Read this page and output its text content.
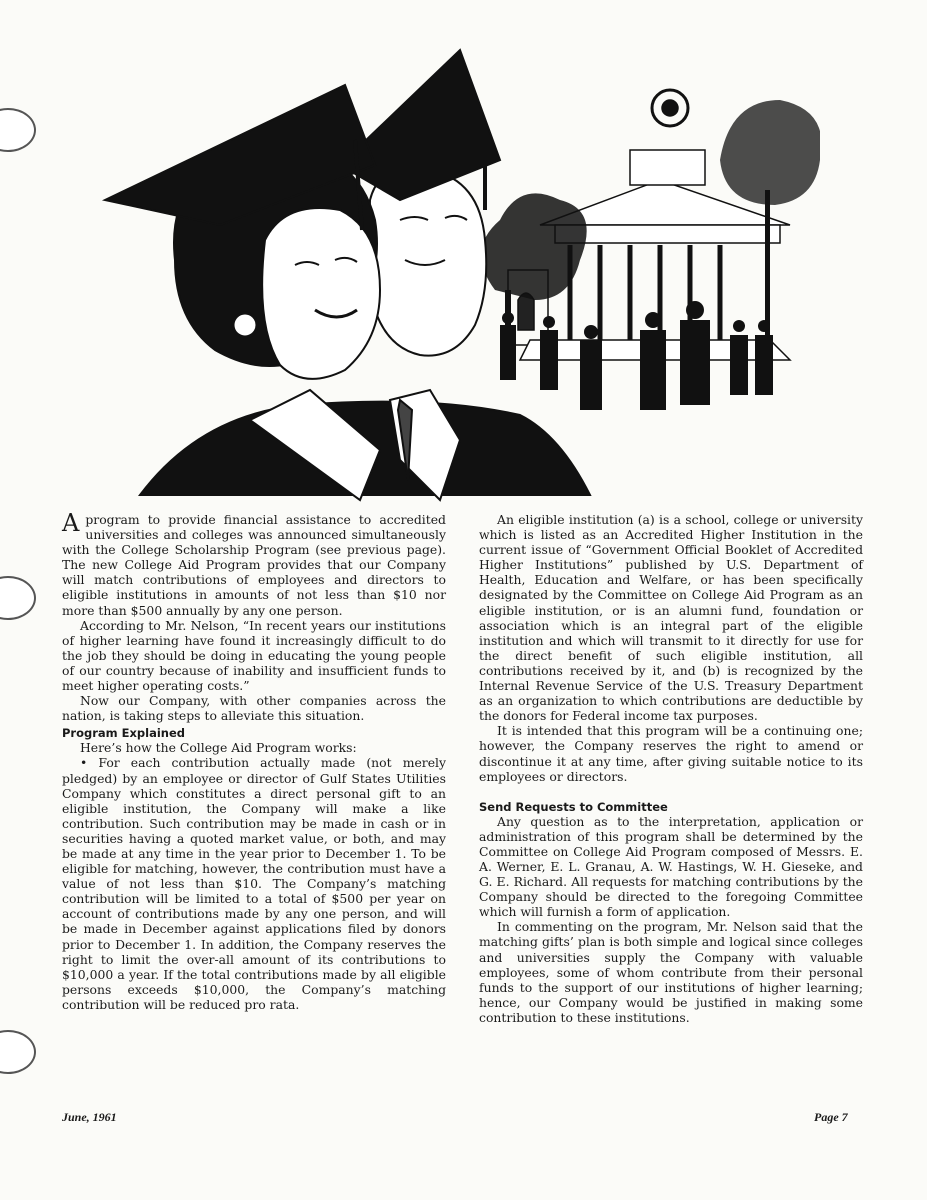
Aprogram to provide financial assistance to accredited universities and colleges was announced simultaneously with the College Scholarship Program (see previous page). The new College Aid Program provides that our Company will match contributions of employees and directors to eligible institutions in amounts of not less than $10 nor more than $500 annually by any one person.

According to Mr. Nelson, “In recent years our institutions of higher learning have found it increasingly difficult to do the job they should be doing in educating the young people of our country because of inability and insufficient funds to meet higher operating costs.”

Now our Company, with other companies across the nation, is taking steps to alleviate this situation.

Program Explained

Here’s how the College Aid Program works:

• For each contribution actually made (not merely pledged) by an employee or director of Gulf States Utilities Company which constitutes a direct personal gift to an eligible institution, the Company will make a like contribution. Such contribution may be made in cash or in securities having a quoted market value, or both, and may be made at any time in the year prior to December 1. To be eligible for matching, however, the contribution must have a value of not less than $10. The Company’s matching contribution will be limited to a total of $500 per year on account of contributions made by any one person, and will be made in December against applications filed by donors prior to December 1. In addition, the Company reserves the right to limit the over-all amount of its contributions to $10,000 a year. If the total contributions made by all eligible persons exceeds $10,000, the Company’s matching contribution will be reduced pro rata.

An eligible institution (a) is a school, college or university which is listed as an Accredited Higher Institution in the current issue of “Government Official Booklet of Accredited Higher Institutions” published by U.S. Department of Health, Education and Welfare, or has been specifically designated by the Committee on College Aid Program as an eligible institution, or is an alumni fund, foundation or association which is an integral part of the eligible institution and which will transmit to it directly for use for the direct benefit of such eligible institution, all contributions received by it, and (b) is recognized by the Internal Revenue Service of the U.S. Treasury Department as an organization to which contributions are deductible by the donors for Federal income tax purposes.

It is intended that this program will be a continuing one; however, the Company reserves the right to amend or discontinue it at any time, after giving suitable notice to its employees or directors.

Send Requests to Committee

Any question as to the interpretation, application or administration of this program shall be determined by the Committee on College Aid Program composed of Messrs. E. A. Werner, E. L. Granau, A. W. Hastings, W. H. Gieseke, and G. E. Richard. All requests for matching contributions by the Company should be directed to the foregoing Committee which will furnish a form of application.

In commenting on the program, Mr. Nelson said that the matching gifts’ plan is both simple and logical since colleges and universities supply the Company with valuable employees, some of whom contribute from their personal funds to the support of our institutions of higher learning; hence, our Company would be justified in making some contribution to these institutions.

June, 1961	Page 7
